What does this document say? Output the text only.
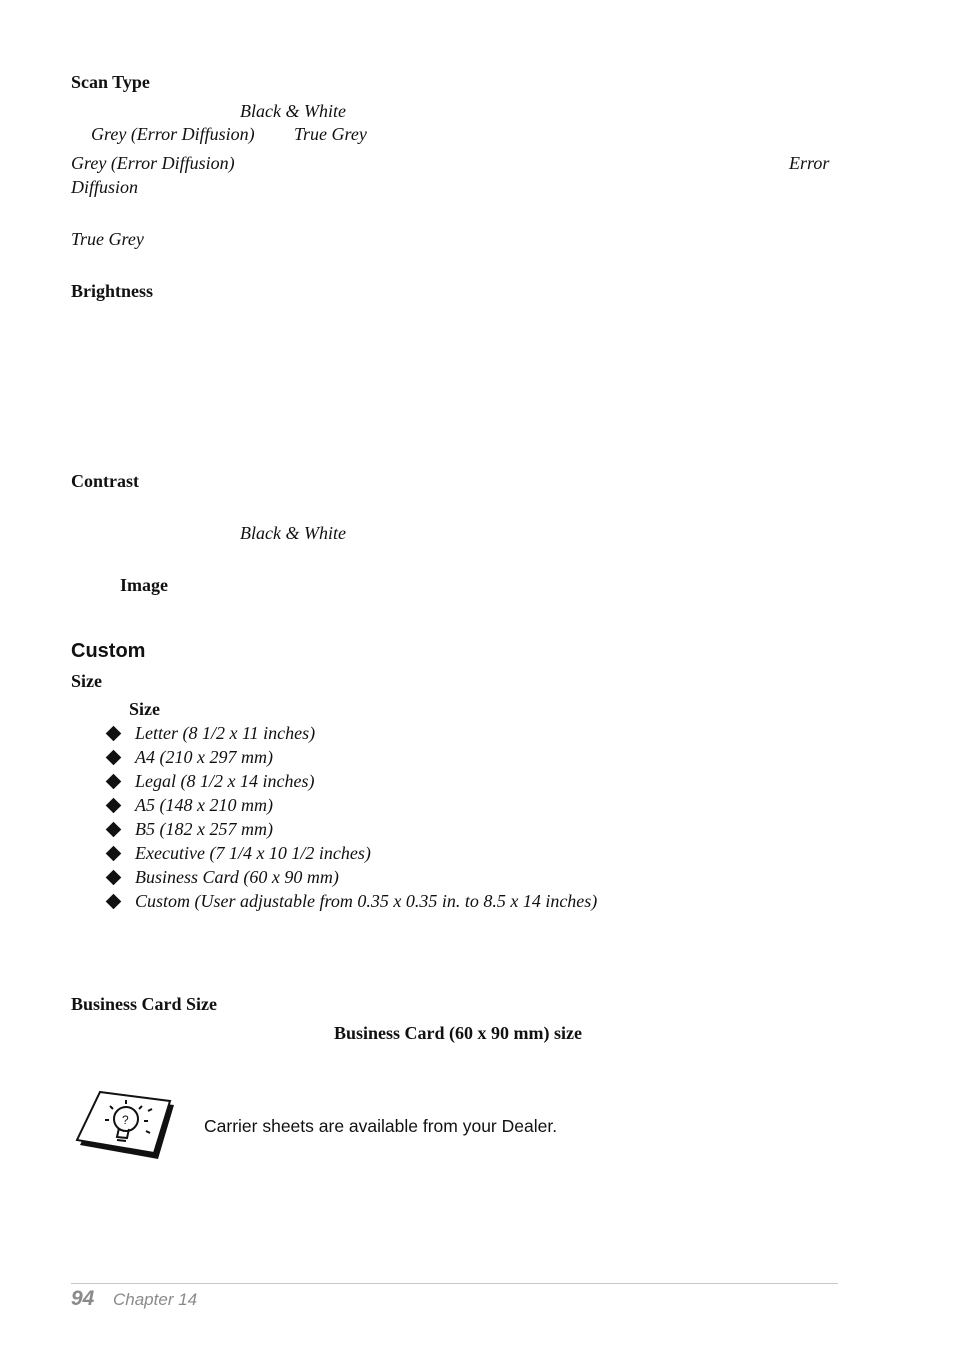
Scan Type
Black & White
Grey (Error Diffusion) True Grey
Grey (Error Diffusion)	Error
Diffusion
True Grey
Brightness
Contrast
Black & White
Image
Custom
Size
Size
Letter (8 1/2 x 11 inches)
A4 (210 x 297 mm)
Legal (8 1/2 x 14 inches)
A5 (148 x 210 mm)
B5 (182 x 257 mm)
Executive (7 1/4 x 10 1/2 inches)
Business Card (60 x 90 mm)
Custom (User adjustable from 0.35 x 0.35 in. to 8.5 x 14 inches)
Business Card Size
Business Card (60 x 90 mm) size
?	Carrier sheets are available from your Dealer.
94 Chapter 14
